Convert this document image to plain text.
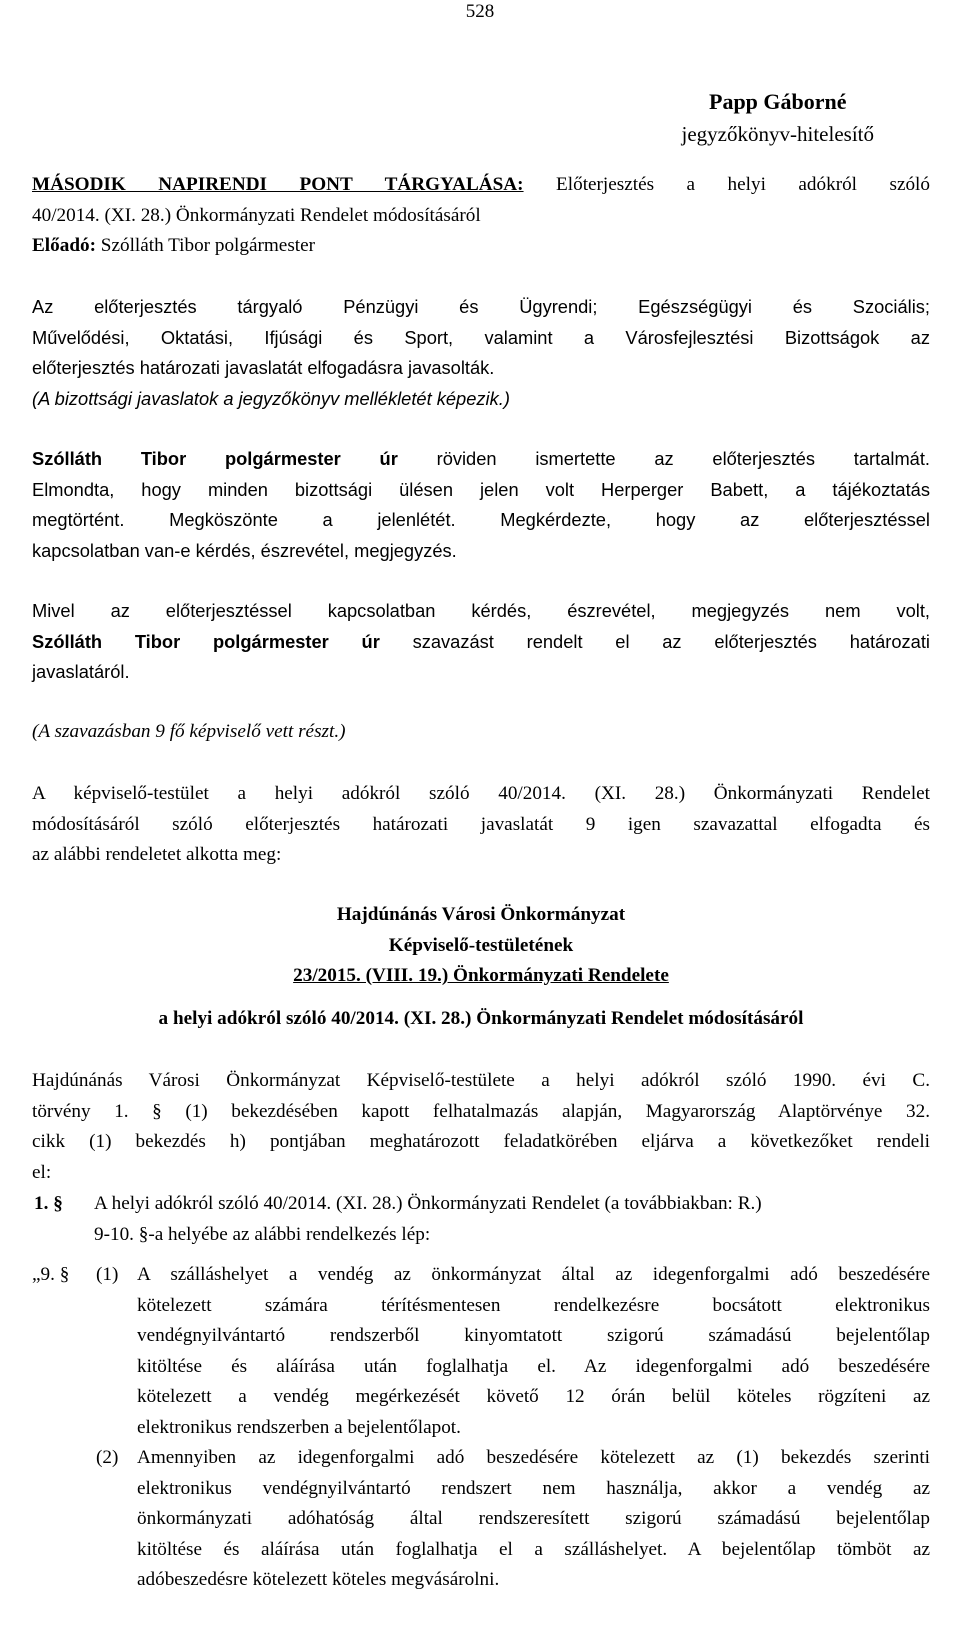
528
Papp Gáborné
jegyzőkönyv-hitelesítő
MÁSODIK NAPIRENDI PONT TÁRGYALÁSA: Előterjesztés a helyi adókról szóló
40/2014. (XI. 28.) Önkormányzati Rendelet módosításáról
Előadó: Szólláth Tibor polgármester
Az előterjesztés tárgyaló Pénzügyi és Ügyrendi; Egészségügyi és Szociális;
Művelődési, Oktatási, Ifjúsági és Sport, valamint a Városfejlesztési Bizottságok az
előterjesztés határozati javaslatát elfogadásra javasolták.
(A bizottsági javaslatok a jegyzőkönyv mellékletét képezik.)
Szólláth Tibor polgármester úr röviden ismertette az előterjesztés tartalmát.
Elmondta, hogy minden bizottsági ülésen jelen volt Herperger Babett, a tájékoztatás
megtörtént. Megköszönte a jelenlétét. Megkérdezte, hogy az előterjesztéssel
kapcsolatban van-e kérdés, észrevétel, megjegyzés.
Mivel az előterjesztéssel kapcsolatban kérdés, észrevétel, megjegyzés nem volt,
Szólláth Tibor polgármester úr szavazást rendelt el az előterjesztés határozati
javaslatáról.
(A szavazásban 9 fő képviselő vett részt.)
A képviselő-testület a helyi adókról szóló 40/2014. (XI. 28.) Önkormányzati Rendelet
módosításáról szóló előterjesztés határozati javaslatát 9 igen szavazattal elfogadta és
az alábbi rendeletet alkotta meg:
Hajdúnánás Városi Önkormányzat
Képviselő-testületének
23/2015. (VIII. 19.) Önkormányzati Rendelete
a helyi adókról szóló 40/2014. (XI. 28.) Önkormányzati Rendelet módosításáról
Hajdúnánás Városi Önkormányzat Képviselő-testülete a helyi adókról szóló 1990. évi C.
törvény 1. § (1) bekezdésében kapott felhatalmazás alapján, Magyarország Alaptörvénye 32.
cikk (1) bekezdés h) pontjában meghatározott feladatkörében eljárva a következőket rendeli
el:
1. § A helyi adókról szóló 40/2014. (XI. 28.) Önkormányzati Rendelet (a továbbiakban: R.)
9-10. §-a helyébe az alábbi rendelkezés lép:
„9. § (1) A szálláshelyet a vendég az önkormányzat által az idegenforgalmi adó beszedésére
kötelezett számára térítésmentesen rendelkezésre bocsátott elektronikus
vendégnyilvántartó rendszerből kinyomtatott szigorú számadású bejelentőlap
kitöltése és aláírása után foglalhatja el. Az idegenforgalmi adó beszedésére
kötelezett a vendég megérkezését követő 12 órán belül köteles rögzíteni az
elektronikus rendszerben a bejelentőlapot.
(2) Amennyiben az idegenforgalmi adó beszedésére kötelezett az (1) bekezdés szerinti
elektronikus vendégnyilvántartó rendszert nem használja, akkor a vendég az
önkormányzati adóhatóság által rendszeresített szigorú számadású bejelentőlap
kitöltése és aláírása után foglalhatja el a szálláshelyet. A bejelentőlap tömböt az
adóbeszedésre kötelezett köteles megvásárolni.
